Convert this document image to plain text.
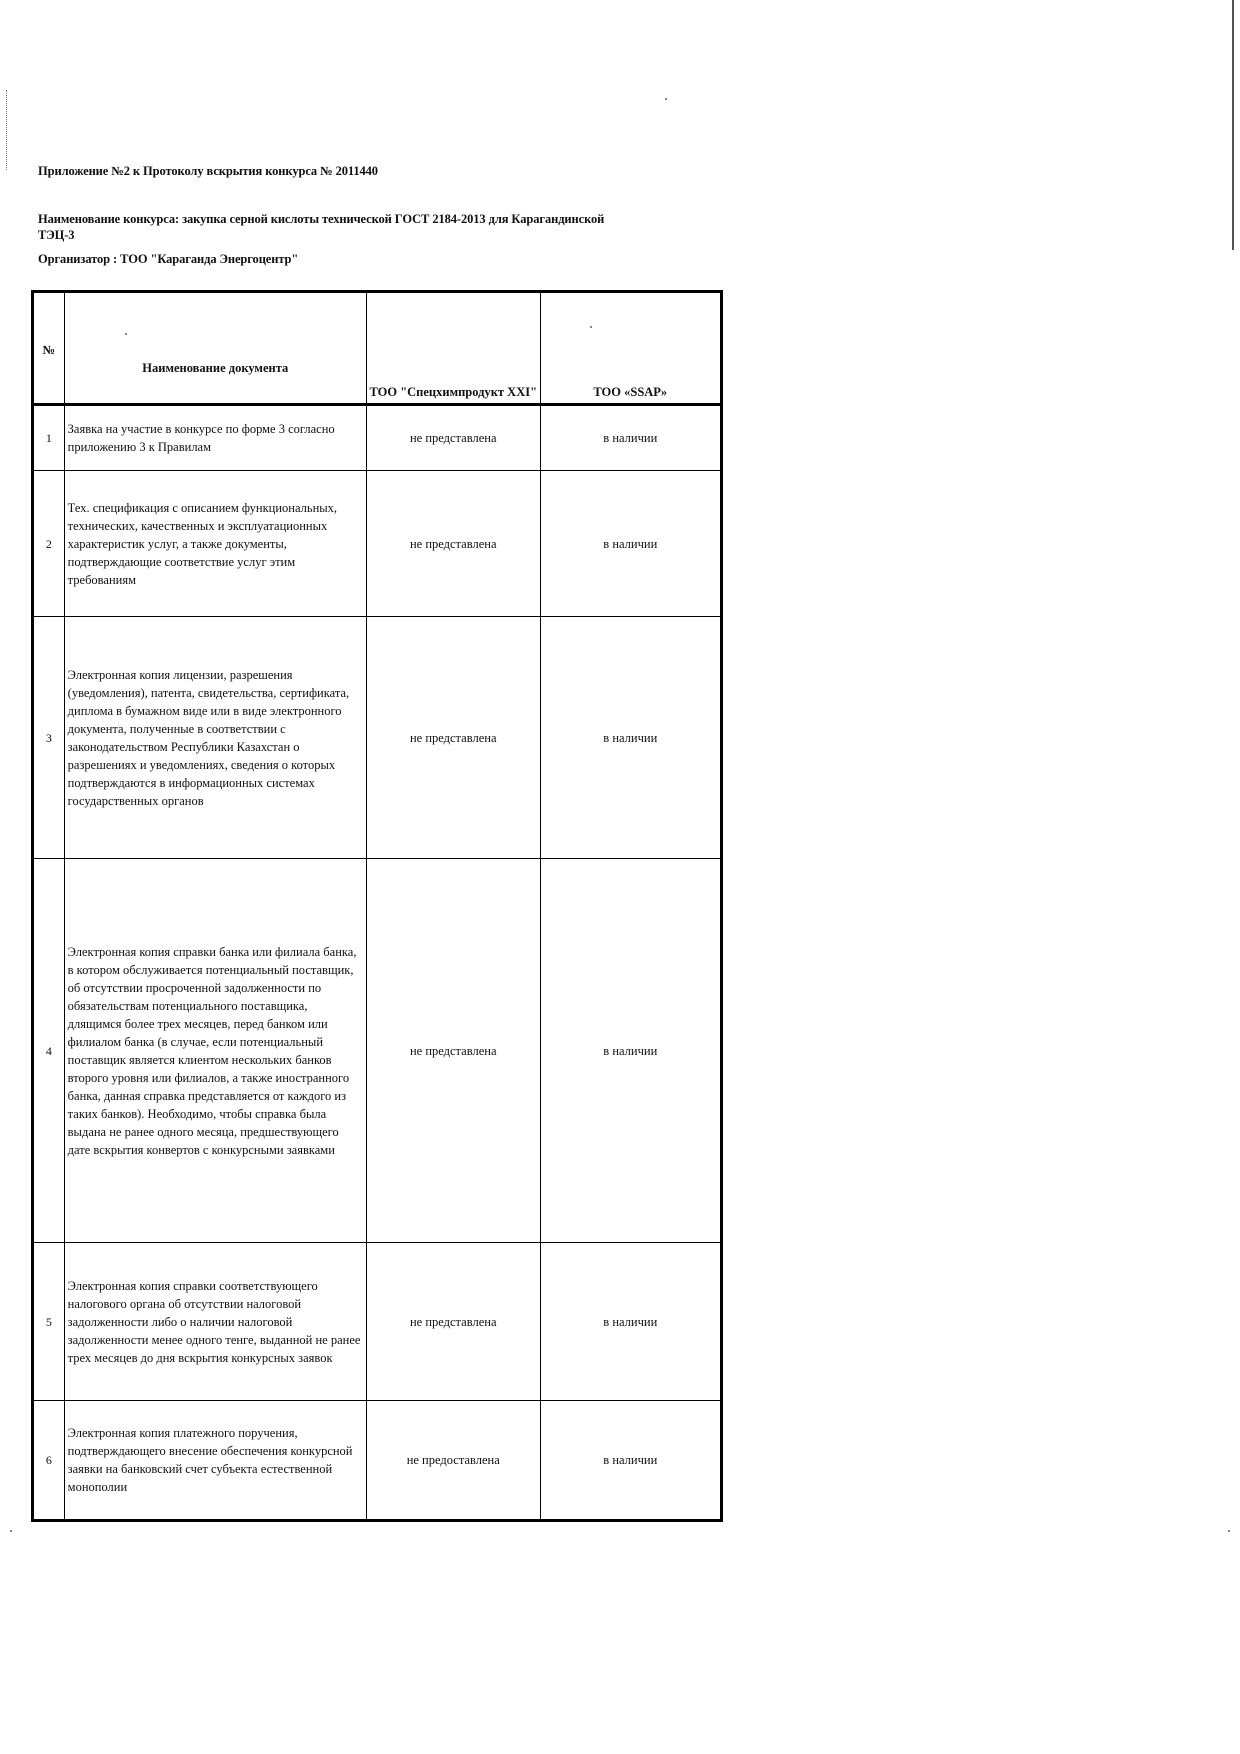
Приложение №2 к Протоколу вскрытия конкурса № 2011440
Наименование конкурса: закупка серной кислоты технической ГОСТ 2184-2013 для Карагандинской
ТЭЦ-3
Организатор : ТОО "Караганда Энергоцентр"
№	Наименование документа	ТОО "Спецхимпродукт XXI"	ТОО «SSAP»

1	Заявка на участие в конкурсе по форме 3 согласно приложению 3 к Правилам	не представлена	в наличии
2	Тех. спецификация с описанием функциональных, технических, качественных и эксплуатационных характеристик услуг, а также документы, подтверждающие соответствие услуг этим требованиям	не представлена	в наличии
3	Электронная копия лицензии, разрешения (уведомления), патента, свидетельства, сертификата, диплома в бумажном виде или в виде электронного документа, полученные в соответствии с законодательством Республики Казахстан о разрешениях и уведомлениях, сведения о которых подтверждаются в информационных системах государственных органов	не представлена	в наличии
4	Электронная копия справки банка или филиала банка, в котором обслуживается потенциальный поставщик, об отсутствии просроченной задолженности по обязательствам потенциального поставщика, длящимся более трех месяцев, перед банком или филиалом банка (в случае, если потенциальный поставщик является клиентом нескольких банков второго уровня или филиалов, а также иностранного банка, данная справка представляется от каждого из таких банков). Необходимо, чтобы справка была выдана не ранее одного месяца, предшествующего дате вскрытия конвертов с конкурсными заявками	не представлена	в наличии
5	Электронная копия справки соответствующего налогового органа об отсутствии налоговой задолженности либо о наличии налоговой задолженности менее одного тенге, выданной не ранее трех месяцев до дня вскрытия конкурсных заявок	не представлена	в наличии
6	Электронная копия платежного поручения, подтверждающего внесение обеспечения конкурсной заявки на банковский счет субъекта естественной монополии	не предоставлена	в наличии
